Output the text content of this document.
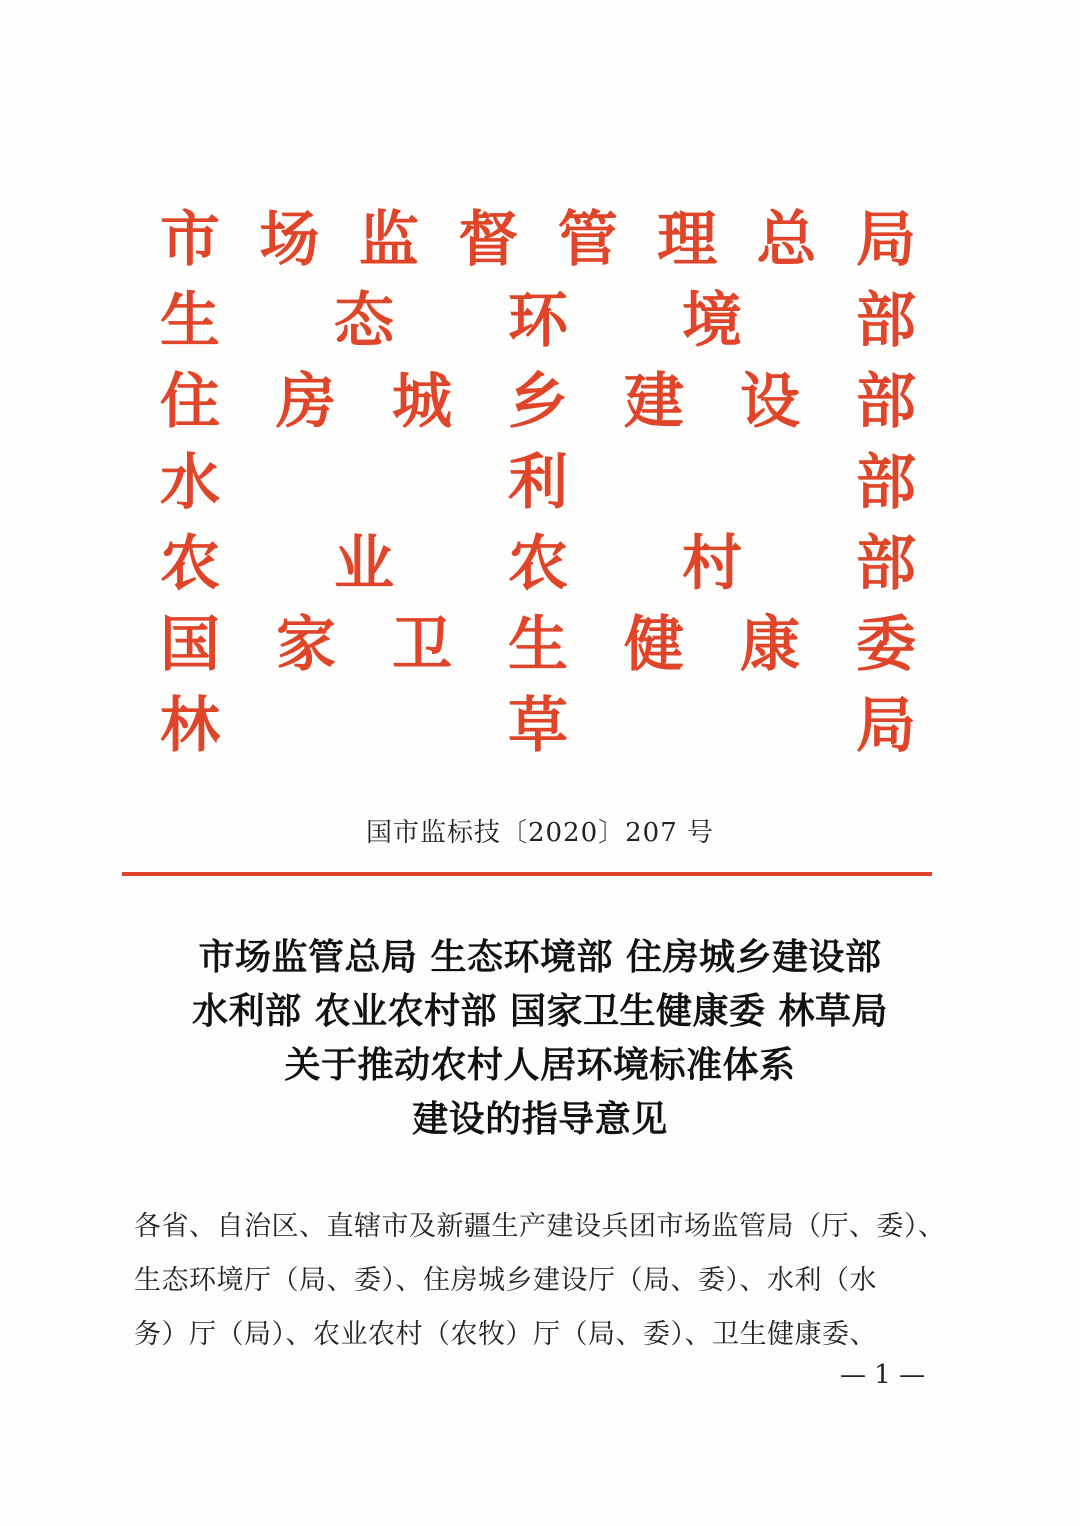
市 场 监 督 管 理 总 局
生 态 环 境 部
住 房 城 乡 建 设 部
水	利	部
农 业 农 村 部
国 家 卫 生 健 康 委
林	草	局
国市监标技〔2020〕207 号
市场监管总局 生态环境部 住房城乡建设部
水利部 农业农村部 国家卫生健康委 林草局
关于推动农村人居环境标准体系
建设的指导意见
各省、自治区、直辖市及新疆生产建设兵团市场监管局（厅、委）、
生态环境厅（局、委）、住房城乡建设厅（局、委）、水利（水
务）厅（局）、农业农村（农牧）厅（局、委）、卫生健康委、
— 1 —
